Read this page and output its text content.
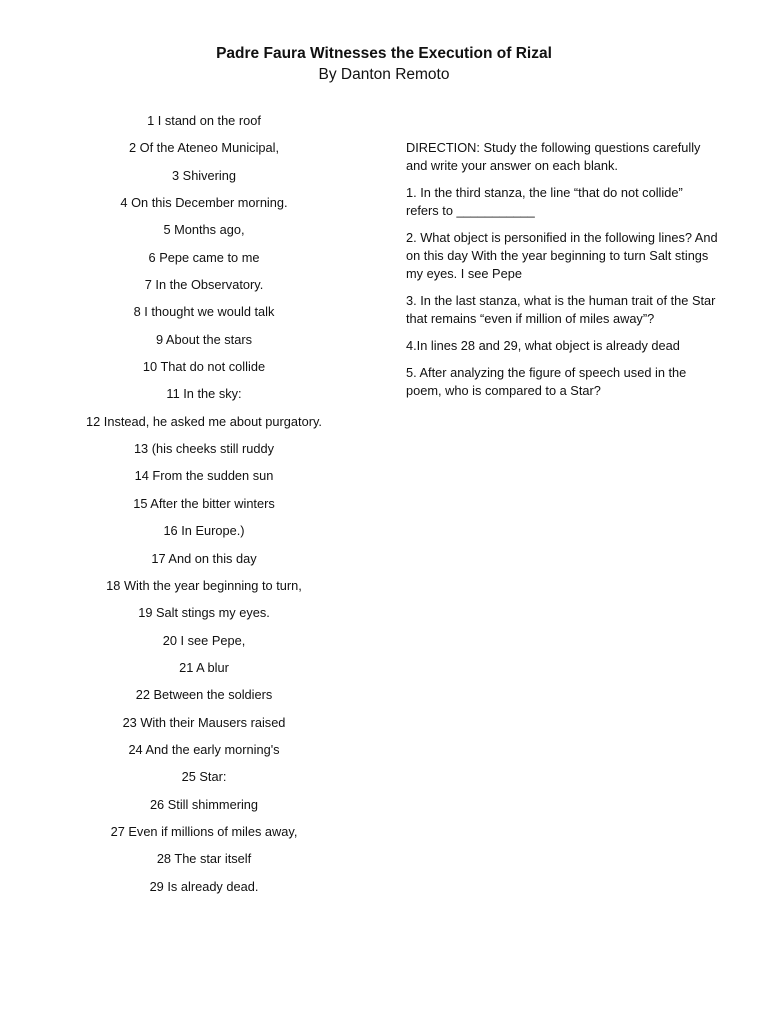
Padre Faura Witnesses the Execution of Rizal
By Danton Remoto
1 I stand on the roof
2 Of the Ateneo Municipal,
3 Shivering
4 On this December morning.
5 Months ago,
6 Pepe came to me
7 In the Observatory.
8 I thought we would talk
9 About the stars
10 That do not collide
11 In the sky:
12 Instead, he asked me about purgatory.
13 (his cheeks still ruddy
14 From the sudden sun
15 After the bitter winters
16 In Europe.)
17 And on this day
18 With the year beginning to turn,
19 Salt stings my eyes.
20 I see Pepe,
21 A blur
22 Between the soldiers
23 With their Mausers raised
24 And the early morning's
25 Star:
26 Still shimmering
27 Even if millions of miles away,
28 The star itself
29 Is already dead.

DIRECTION: Study the following questions carefully and write your answer on each blank.

1. In the third stanza, the line “that do not collide” refers to ___________

2. What object is personified in the following lines? And on this day With the year beginning to turn Salt stings my eyes. I see Pepe

3. In the last stanza, what is the human trait of the Star that remains “even if million of miles away”?

4.In lines 28 and 29, what object is already dead

5. After analyzing the figure of speech used in the poem, who is compared to a Star?
